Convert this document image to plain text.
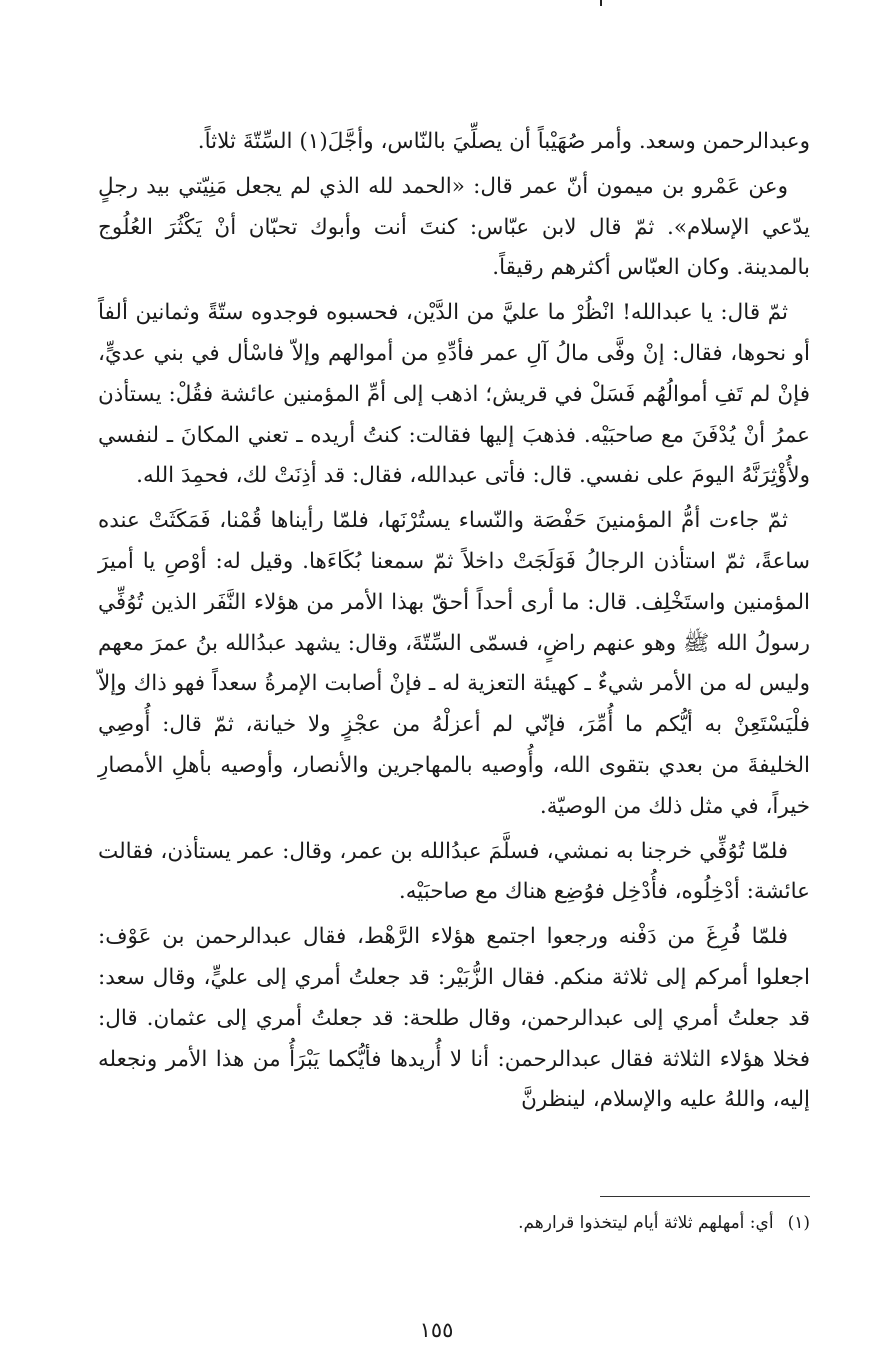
وعبدالرحمن وسعد. وأمر صُهَيْباً أن يصلِّيَ بالنّاس، وأجَّلَ(١) السِّتّةَ ثلاثاً.

وعن عَمْرو بن ميمون أنّ عمر قال: «الحمد لله الذي لم يجعل مَنِيّتي بيد رجلٍ يدّعي الإسلام». ثمّ قال لابن عبّاس: كنتَ أنت وأبوك تحبّان أنْ يَكْثُرَ العُلُوج بالمدينة. وكان العبّاس أكثرهم رقيقاً.

ثمّ قال: يا عبدالله! انْظُرْ ما عليَّ من الدَّيْن، فحسبوه فوجدوه ستّةً وثمانين ألفاً أو نحوها، فقال: إنْ وفَّى مالُ آلِ عمر فأدِّهِ من أموالهم وإلاّ فاسْأل في بني عديٍّ، فإنْ لم تَفِ أموالُهُم فَسَلْ في قريش؛ اذهب إلى أمِّ المؤمنين عائشة فقُلْ: يستأذن عمرُ أنْ يُدْفَنَ مع صاحبَيْه. فذهبَ إليها فقالت: كنتُ أريده ـ تعني المكانَ ـ لنفسي ولأُؤْثِرَنَّهُ اليومَ على نفسي. قال: فأتى عبدالله، فقال: قد أذِنَتْ لك، فحمِدَ الله.

ثمّ جاءت أمُّ المؤمنينَ حَفْصَة والنّساء يستُرْنَها، فلمّا رأيناها قُمْنا، فَمَكَثَتْ عنده ساعةً، ثمّ استأذن الرجالُ فَوَلَجَتْ داخلاً ثمّ سمعنا بُكَاءَها. وقيل له: أوْصِ يا أميرَ المؤمنين واستَخْلِف. قال: ما أرى أحداً أحقّ بهذا الأمر من هؤلاء النَّفَر الذين تُوُفِّي رسولُ الله ﷺ وهو عنهم راضٍ، فسمّى السِّتّةَ، وقال: يشهد عبدُالله بنُ عمرَ معهم وليس له من الأمر شيءٌ ـ كهيئة التعزية له ـ فإنْ أصابت الإمرةُ سعداً فهو ذاك وإلاّ فلْيَسْتَعِنْ به أيُّكم ما أُمِّرَ، فإنّي لم أعزلْهُ من عجْزٍ ولا خيانة، ثمّ قال: أُوصِي الخليفةَ من بعدي بتقوى الله، وأُوصيه بالمهاجرين والأنصار، وأوصيه بأهلِ الأمصارِ خيراً، في مثل ذلك من الوصيّة.

فلمّا تُوُفِّي خرجنا به نمشي، فسلَّمَ عبدُالله بن عمر، وقال: عمر يستأذن، فقالت عائشة: أدْخِلُوه، فأُدْخِل فوُضِع هناك مع صاحبَيْه.

فلمّا فُرِغَ من دَفْنه ورجعوا اجتمع هؤلاء الرَّهْط، فقال عبدالرحمن بن عَوْف: اجعلوا أمركم إلى ثلاثة منكم. فقال الزُّبَيْر: قد جعلتُ أمري إلى عليٍّ، وقال سعد: قد جعلتُ أمري إلى عبدالرحمن، وقال طلحة: قد جعلتُ أمري إلى عثمان. قال: فخلا هؤلاء الثلاثة فقال عبدالرحمن: أنا لا أُريدها فأيُّكما يَبْرَأُ من هذا الأمر ونجعله إليه، واللهُ عليه والإسلام، لينظرنَّ

(١)أي: أمهلهم ثلاثة أيام ليتخذوا قرارهم.
١٥٥
